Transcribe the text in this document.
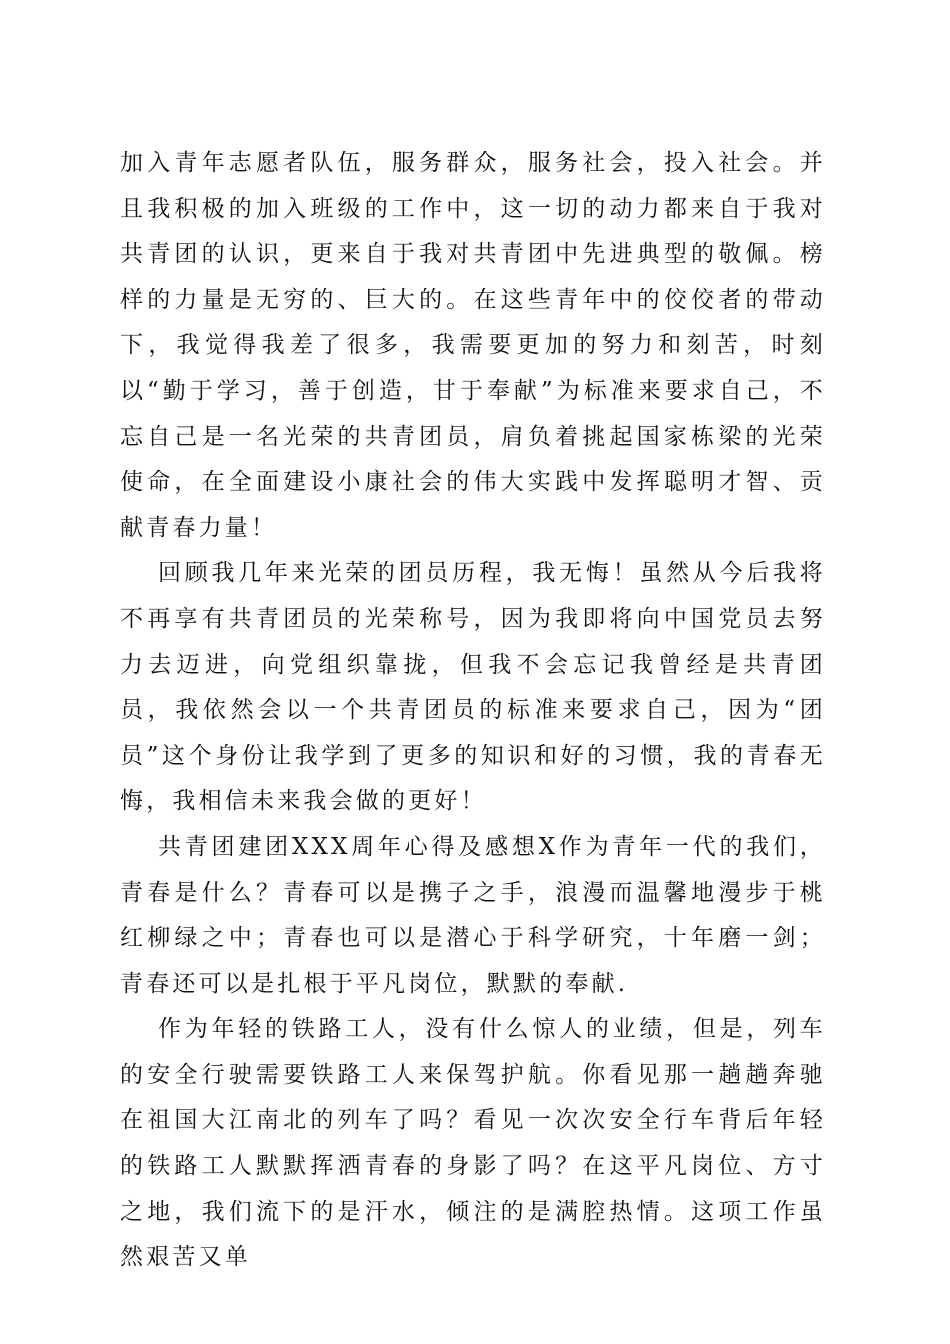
加入青年志愿者队伍，服务群众，服务社会，投入社会。并且我积极的加入班级的工作中，这一切的动力都来自于我对共青团的认识，更来自于我对共青团中先进典型的敬佩。榜样的力量是无穷的、巨大的。在这些青年中的佼佼者的带动下，我觉得我差了很多，我需要更加的努力和刻苦，时刻以“勤于学习，善于创造，甘于奉献”为标准来要求自己，不忘自己是一名光荣的共青团员，肩负着挑起国家栋梁的光荣使命，在全面建设小康社会的伟大实践中发挥聪明才智、贡献青春力量！

回顾我几年来光荣的团员历程，我无悔！虽然从今后我将不再享有共青团员的光荣称号，因为我即将向中国党员去努力去迈进，向党组织靠拢，但我不会忘记我曾经是共青团员，我依然会以一个共青团员的标准来要求自己，因为“团员”这个身份让我学到了更多的知识和好的习惯，我的青春无悔，我相信未来我会做的更好！

共青团建团XXX周年心得及感想X作为青年一代的我们，青春是什么？青春可以是携子之手，浪漫而温馨地漫步于桃红柳绿之中；青春也可以是潜心于科学研究，十年磨一剑；青春还可以是扎根于平凡岗位，默默的奉献.

作为年轻的铁路工人，没有什么惊人的业绩，但是，列车的安全行驶需要铁路工人来保驾护航。你看见那一趟趟奔驰在祖国大江南北的列车了吗？看见一次次安全行车背后年轻的铁路工人默默挥洒青春的身影了吗？在这平凡岗位、方寸之地，我们流下的是汗水，倾注的是满腔热情。这项工作虽然艰苦又单
